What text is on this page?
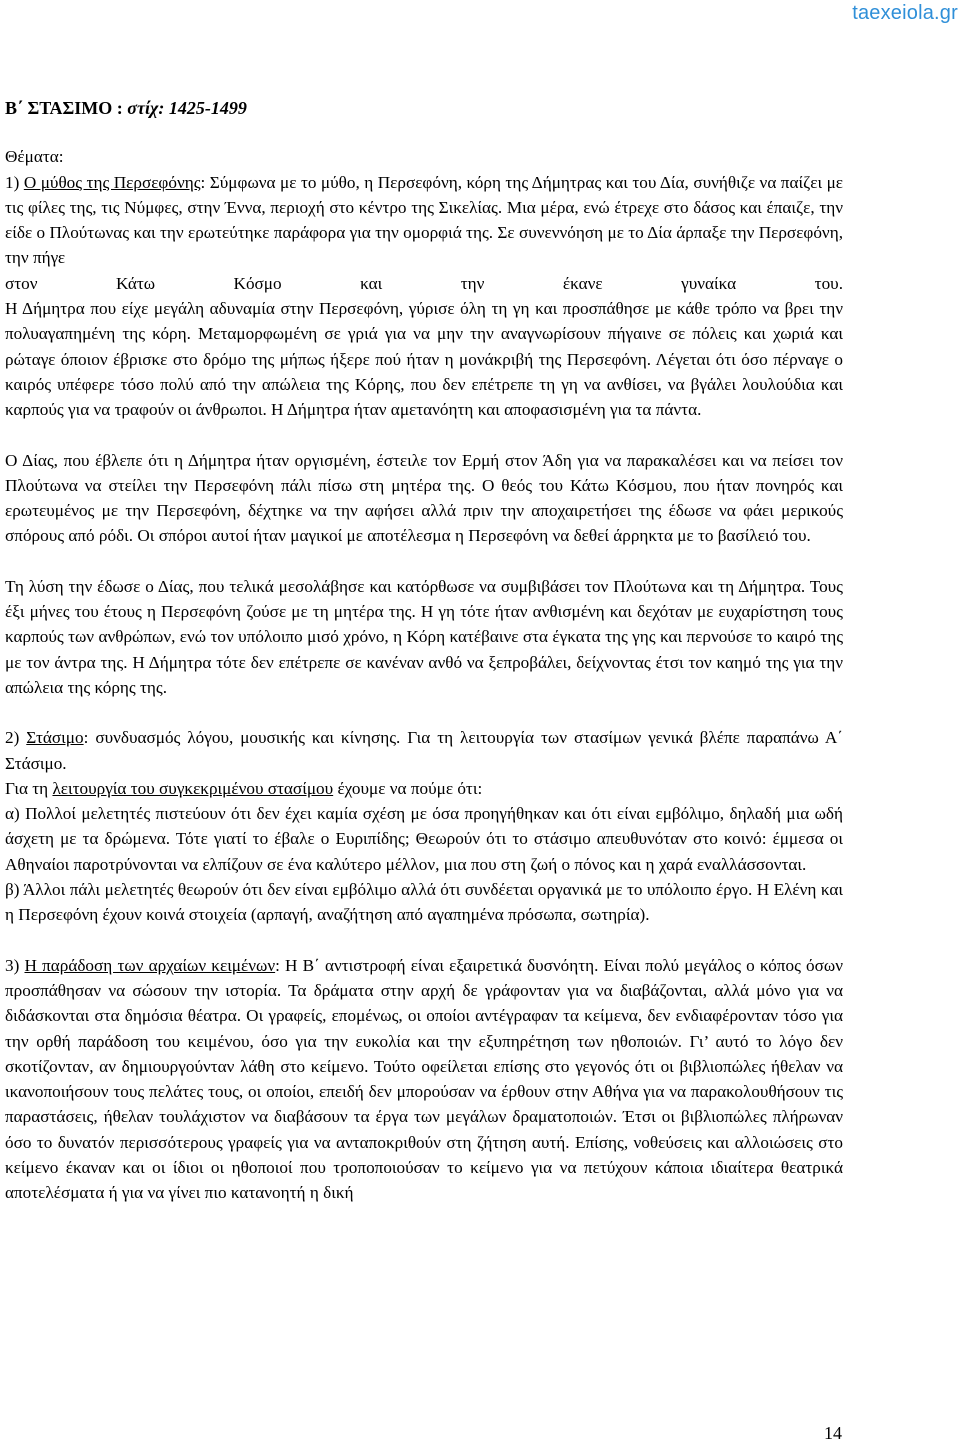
taexeiola.gr
Β΄ ΣΤΑΣΙΜΟ : στίχ: 1425-1499
Θέματα:
1) Ο μύθος της Περσεφόνης: Σύμφωνα με το μύθο, η Περσεφόνη, κόρη της Δήμητρας και του Δία, συνήθιζε να παίζει με τις φίλες της, τις Νύμφες, στην Έννα, περιοχή στο κέντρο της Σικελίας. Μια μέρα, ενώ έτρεχε στο δάσος και έπαιζε, την είδε ο Πλούτωνας και την ερωτεύτηκε παράφορα για την ομορφιά της. Σε συνεννόηση με το Δία άρπαξε την Περσεφόνη, την πήγε
στον Κάτω Κόσμο και την έκανε γυναίκα του.
Η Δήμητρα που είχε μεγάλη αδυναμία στην Περσεφόνη, γύρισε όλη τη γη και προσπάθησε με κάθε τρόπο να βρει την πολυαγαπημένη της κόρη. Μεταμορφωμένη σε γριά για να μην την αναγνωρίσουν πήγαινε σε πόλεις και χωριά και ρώταγε όποιον έβρισκε στο δρόμο της μήπως ήξερε πού ήταν η μονάκριβή της Περσεφόνη. Λέγεται ότι όσο πέρναγε ο καιρός υπέφερε τόσο πολύ από την απώλεια της Κόρης, που δεν επέτρεπε τη γη να ανθίσει, να βγάλει λουλούδια και καρπούς για να τραφούν οι άνθρωποι. Η Δήμητρα ήταν αμετανόητη και αποφασισμένη για τα πάντα.
Ο Δίας, που έβλεπε ότι η Δήμητρα ήταν οργισμένη, έστειλε τον Ερμή στον Άδη για να παρακαλέσει και να πείσει τον Πλούτωνα να στείλει την Περσεφόνη πάλι πίσω στη μητέρα της. Ο θεός του Κάτω Κόσμου, που ήταν πονηρός και ερωτευμένος με την Περσεφόνη, δέχτηκε να την αφήσει αλλά πριν την αποχαιρετήσει της έδωσε να φάει μερικούς σπόρους από ρόδι. Οι σπόροι αυτοί ήταν μαγικοί με αποτέλεσμα η Περσεφόνη να δεθεί άρρηκτα με το βασίλειό του.
Τη λύση την έδωσε ο Δίας, που τελικά μεσολάβησε και κατόρθωσε να συμβιβάσει τον Πλούτωνα και τη Δήμητρα. Τους έξι μήνες του έτους η Περσεφόνη ζούσε με τη μητέρα της. Η γη τότε ήταν ανθισμένη και δεχόταν με ευχαρίστηση τους καρπούς των ανθρώπων, ενώ τον υπόλοιπο μισό χρόνο, η Κόρη κατέβαινε στα έγκατα της γης και περνούσε το καιρό της με τον άντρα της. Η Δήμητρα τότε δεν επέτρεπε σε κανέναν ανθό να ξεπροβάλει, δείχνοντας έτσι τον καημό της για την απώλεια της κόρης της.
2) Στάσιμο: συνδυασμός λόγου, μουσικής και κίνησης. Για τη λειτουργία των στασίμων γενικά βλέπε παραπάνω Α΄ Στάσιμο.
Για τη λειτουργία του συγκεκριμένου στασίμου έχουμε να πούμε ότι:
α) Πολλοί μελετητές πιστεύουν ότι δεν έχει καμία σχέση με όσα προηγήθηκαν και ότι είναι εμβόλιμο, δηλαδή μια ωδή άσχετη με τα δρώμενα. Τότε γιατί το έβαλε ο Ευριπίδης; Θεωρούν ότι το στάσιμο απευθυνόταν στο κοινό: έμμεσα οι Αθηναίοι παροτρύνονται να ελπίζουν σε ένα καλύτερο μέλλον, μια που στη ζωή ο πόνος και η χαρά εναλλάσσονται.
β) Άλλοι πάλι μελετητές θεωρούν ότι δεν είναι εμβόλιμο αλλά ότι συνδέεται οργανικά με το υπόλοιπο έργο. Η Ελένη και η Περσεφόνη έχουν κοινά στοιχεία (αρπαγή, αναζήτηση από αγαπημένα πρόσωπα, σωτηρία).
3) Η παράδοση των αρχαίων κειμένων: Η Β΄ αντιστροφή είναι εξαιρετικά δυσνόητη. Είναι πολύ μεγάλος ο κόπος όσων προσπάθησαν να σώσουν την ιστορία. Τα δράματα στην αρχή δε γράφονταν για να διαβάζονται, αλλά μόνο για να διδάσκονται στα δημόσια θέατρα. Οι γραφείς, επομένως, οι οποίοι αντέγραφαν τα κείμενα, δεν ενδιαφέρονταν τόσο για την ορθή παράδοση του κειμένου, όσο για την ευκολία και την εξυπηρέτηση των ηθοποιών. Γι’ αυτό το λόγο δεν σκοτίζονταν, αν δημιουργούνταν λάθη στο κείμενο. Τούτο οφείλεται επίσης στο γεγονός ότι οι βιβλιοπώλες ήθελαν να ικανοποιήσουν τους πελάτες τους, οι οποίοι, επειδή δεν μπορούσαν να έρθουν στην Αθήνα για να παρακολουθήσουν τις παραστάσεις, ήθελαν τουλάχιστον να διαβάσουν τα έργα των μεγάλων δραματοποιών. Έτσι οι βιβλιοπώλες πλήρωναν όσο το δυνατόν περισσότερους γραφείς για να ανταποκριθούν στη ζήτηση αυτή. Επίσης, νοθεύσεις και αλλοιώσεις στο κείμενο έκαναν και οι ίδιοι οι ηθοποιοί που τροποποιούσαν το κείμενο για να πετύχουν κάποια ιδιαίτερα θεατρικά αποτελέσματα ή για να γίνει πιο κατανοητή η δική
14
